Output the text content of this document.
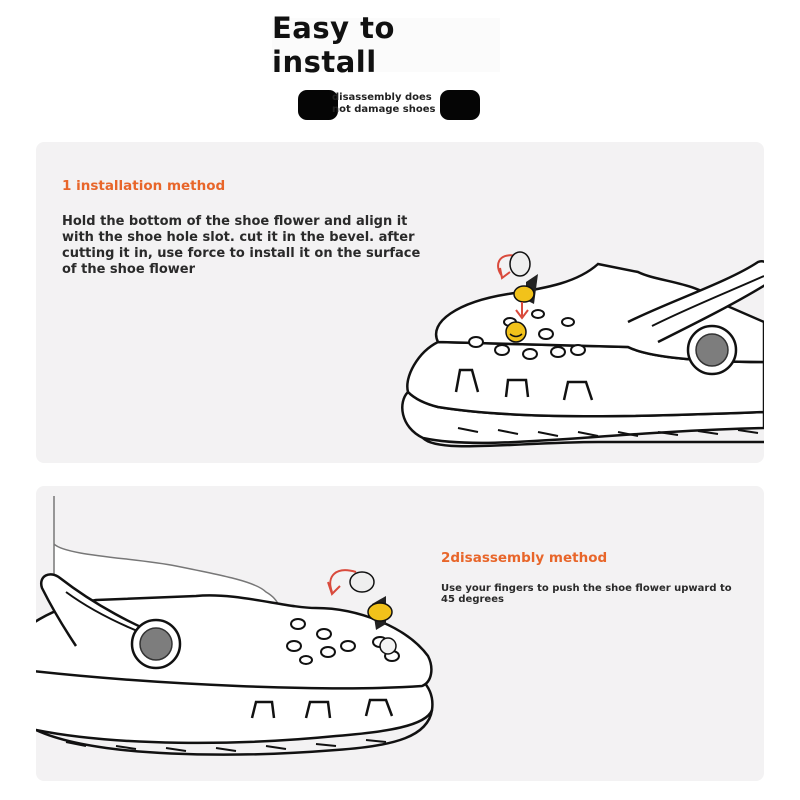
Easy to install
disassembly does not damage shoes
1 installation method
Hold the bottom of the shoe flower and align it with the shoe hole slot. cut it in the bevel. after cutting it in, use force to install it on the surface of the shoe flower
2disassembly method
Use your fingers to push the shoe flower upward to 45 degrees
